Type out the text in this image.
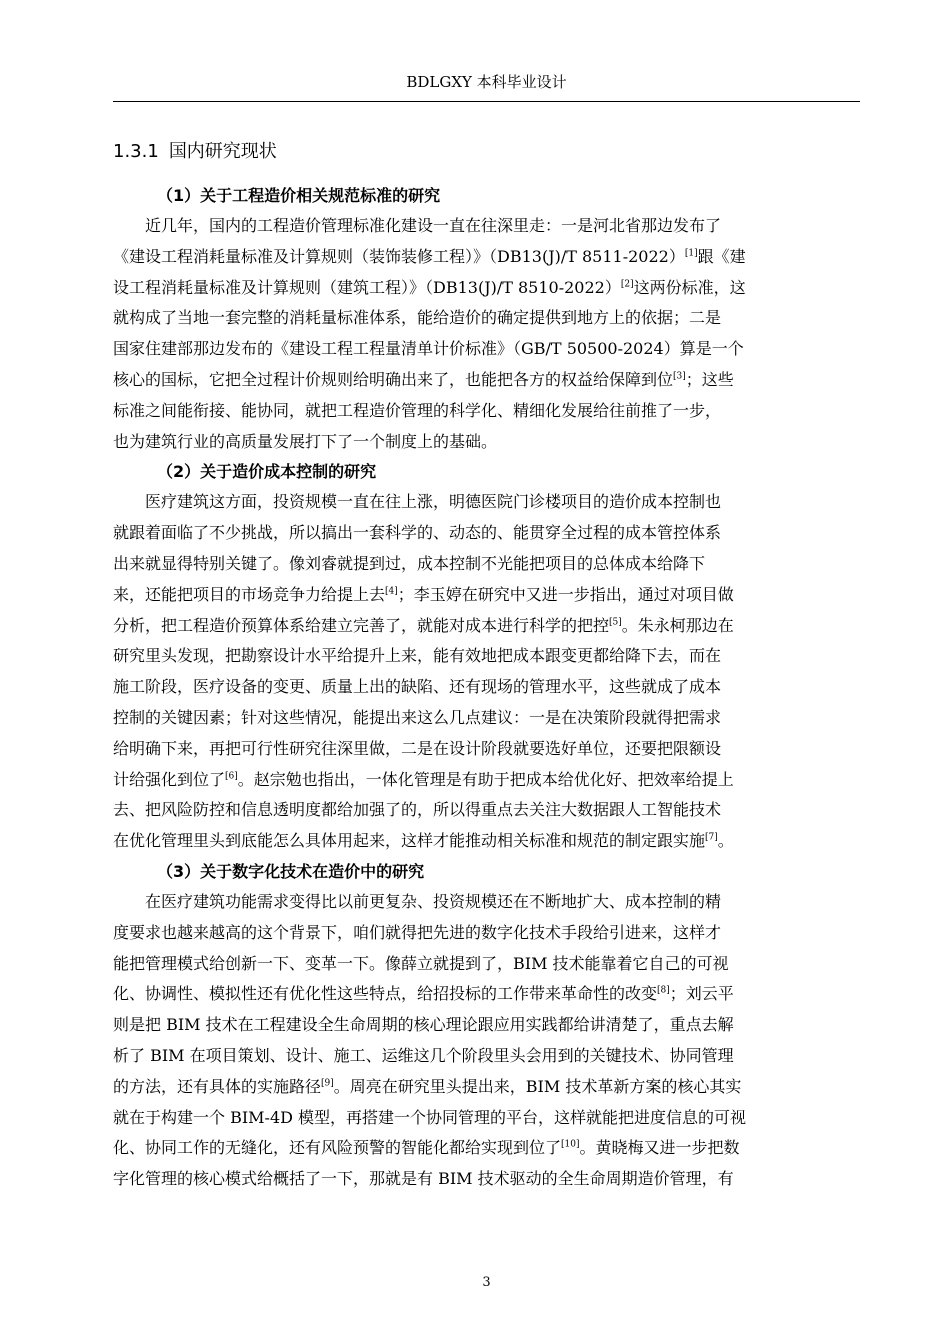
BDLGXY 本科毕业设计
1.3.1 国内研究现状
（1）关于工程造价相关规范标准的研究
近几年，国内的工程造价管理标准化建设一直在往深里走：一是河北省那边发布了
《建设工程消耗量标准及计算规则（装饰装修工程）》（DB13(J)/T 8511-2022）[1]跟《建
设工程消耗量标准及计算规则（建筑工程）》（DB13(J)/T 8510-2022）[2]这两份标准，这
就构成了当地一套完整的消耗量标准体系，能给造价的确定提供到地方上的依据；二是
国家住建部那边发布的《建设工程工程量清单计价标准》（GB/T 50500-2024）算是一个
核心的国标，它把全过程计价规则给明确出来了，也能把各方的权益给保障到位[3]；这些
标准之间能衔接、能协同，就把工程造价管理的科学化、精细化发展给往前推了一步，
也为建筑行业的高质量发展打下了一个制度上的基础。
（2）关于造价成本控制的研究
医疗建筑这方面，投资规模一直在往上涨，明德医院门诊楼项目的造价成本控制也
就跟着面临了不少挑战，所以搞出一套科学的、动态的、能贯穿全过程的成本管控体系
出来就显得特别关键了。像刘睿就提到过，成本控制不光能把项目的总体成本给降下
来，还能把项目的市场竞争力给提上去[4]；李玉婷在研究中又进一步指出，通过对项目做
分析，把工程造价预算体系给建立完善了，就能对成本进行科学的把控[5]。朱永柯那边在
研究里头发现，把勘察设计水平给提升上来，能有效地把成本跟变更都给降下去，而在
施工阶段，医疗设备的变更、质量上出的缺陷、还有现场的管理水平，这些就成了成本
控制的关键因素；针对这些情况，能提出来这么几点建议：一是在决策阶段就得把需求
给明确下来，再把可行性研究往深里做，二是在设计阶段就要选好单位，还要把限额设
计给强化到位了[6]。赵宗勉也指出，一体化管理是有助于把成本给优化好、把效率给提上
去、把风险防控和信息透明度都给加强了的，所以得重点去关注大数据跟人工智能技术
在优化管理里头到底能怎么具体用起来，这样才能推动相关标准和规范的制定跟实施[7]。
（3）关于数字化技术在造价中的研究
在医疗建筑功能需求变得比以前更复杂、投资规模还在不断地扩大、成本控制的精
度要求也越来越高的这个背景下，咱们就得把先进的数字化技术手段给引进来，这样才
能把管理模式给创新一下、变革一下。像薛立就提到了，BIM 技术能靠着它自己的可视
化、协调性、模拟性还有优化性这些特点，给招投标的工作带来革命性的改变[8]；刘云平
则是把 BIM 技术在工程建设全生命周期的核心理论跟应用实践都给讲清楚了，重点去解
析了 BIM 在项目策划、设计、施工、运维这几个阶段里头会用到的关键技术、协同管理
的方法，还有具体的实施路径[9]。周亮在研究里头提出来，BIM 技术革新方案的核心其实
就在于构建一个 BIM-4D 模型，再搭建一个协同管理的平台，这样就能把进度信息的可视
化、协同工作的无缝化，还有风险预警的智能化都给实现到位了[10]。黄晓梅又进一步把数
字化管理的核心模式给概括了一下，那就是有 BIM 技术驱动的全生命周期造价管理，有
3
